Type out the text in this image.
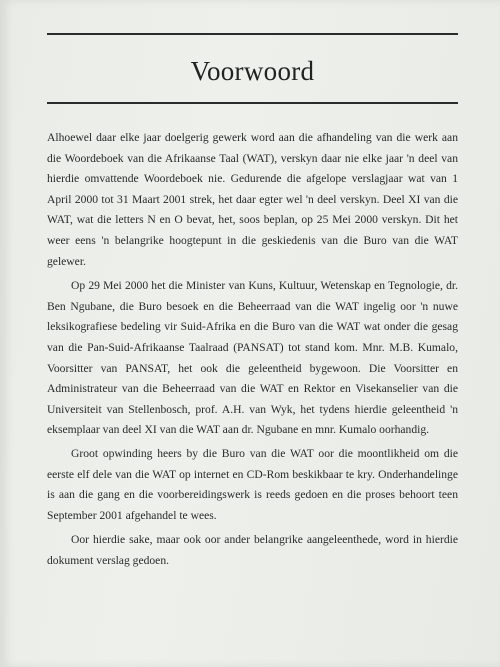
Voorwoord

Alhoewel daar elke jaar doelgerig gewerk word aan die afhandeling van die werk aan die Woordeboek van die Afrikaanse Taal (WAT), verskyn daar nie elke jaar 'n deel van hierdie omvattende Woordeboek nie. Gedurende die afgelope verslagjaar wat van 1 April 2000 tot 31 Maart 2001 strek, het daar egter wel 'n deel verskyn. Deel XI van die WAT, wat die letters N en O bevat, het, soos beplan, op 25 Mei 2000 verskyn. Dit het weer eens 'n belangrike hoogtepunt in die geskiedenis van die Buro van die WAT gelewer.

Op 29 Mei 2000 het die Minister van Kuns, Kultuur, Wetenskap en Tegnologie, dr. Ben Ngubane, die Buro besoek en die Beheerraad van die WAT ingelig oor 'n nuwe leksikografiese bedeling vir Suid-Afrika en die Buro van die WAT wat onder die gesag van die Pan-Suid-Afrikaanse Taalraad (PANSAT) tot stand kom. Mnr. M.B. Kumalo, Voorsitter van PANSAT, het ook die geleentheid bygewoon. Die Voorsitter en Administrateur van die Beheerraad van die WAT en Rektor en Visekanselier van die Universiteit van Stellenbosch, prof. A.H. van Wyk, het tydens hierdie geleentheid 'n eksemplaar van deel XI van die WAT aan dr. Ngubane en mnr. Kumalo oorhandig.

Groot opwinding heers by die Buro van die WAT oor die moontlikheid om die eerste elf dele van die WAT op internet en CD-Rom beskikbaar te kry. Onderhandelinge is aan die gang en die voorbereidingswerk is reeds gedoen en die proses behoort teen September 2001 afgehandel te wees.

Oor hierdie sake, maar ook oor ander belangrike aangeleenthede, word in hierdie dokument verslag gedoen.
